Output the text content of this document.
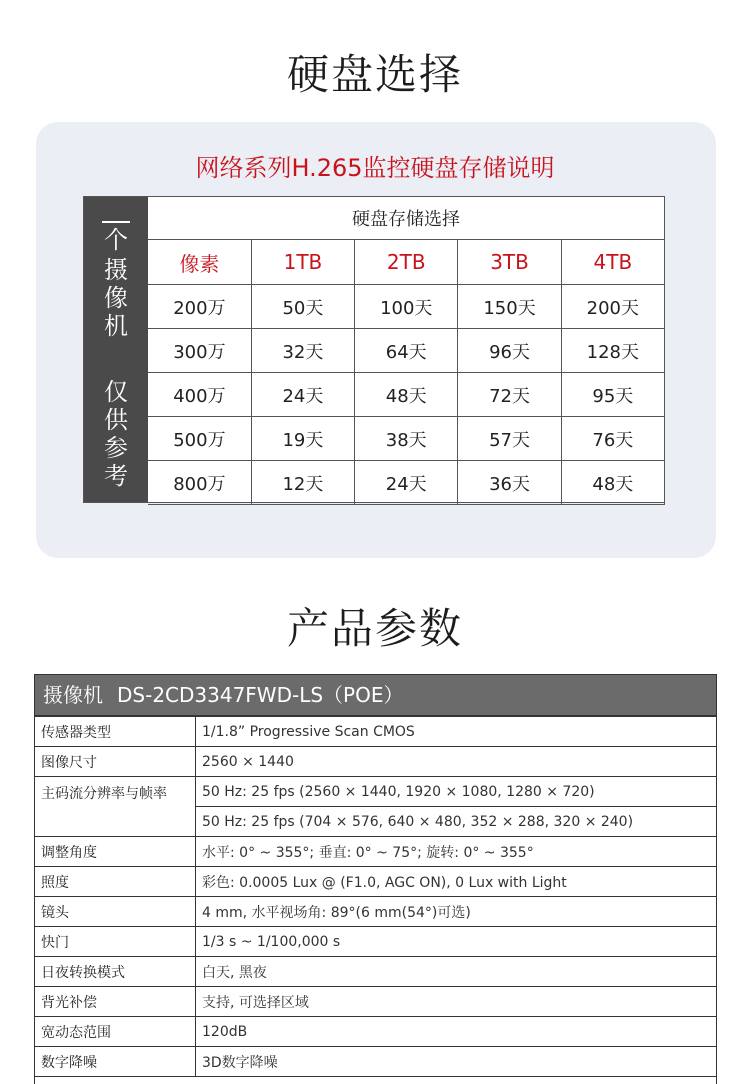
硬盘选择
网络系列H.265监控硬盘存储说明
个
摄
像
机
仅
供
参
考
硬盘存储选择				
像素	1TB	2TB	3TB	4TB
200万	50天	100天	150天	200天
300万	32天	64天	96天	128天
400万	24天	48天	72天	95天
500万	19天	38天	57天	76天
800万	12天	24天	36天	48天
产品参数
摄像机 DS-2CD3347FWD-LS（POE）
传感器类型	1/1.8” Progressive Scan CMOS
图像尺寸	2560 × 1440
主码流分辨率与帧率	50 Hz: 25 fps (2560 × 1440, 1920 × 1080, 1280 × 720)
	50 Hz: 25 fps (704 × 576, 640 × 480, 352 × 288, 320 × 240)
调整角度	水平: 0° ~ 355°; 垂直: 0° ~ 75°; 旋转: 0° ~ 355°
照度	彩色: 0.0005 Lux @ (F1.0, AGC ON), 0 Lux with Light
镜头	4 mm, 水平视场角: 89°(6 mm(54°)可选)
快门	1/3 s ~ 1/100,000 s
日夜转换模式	白天, 黑夜
背光补偿	支持, 可选择区域
宽动态范围	120dB
数字降噪	3D数字降噪
